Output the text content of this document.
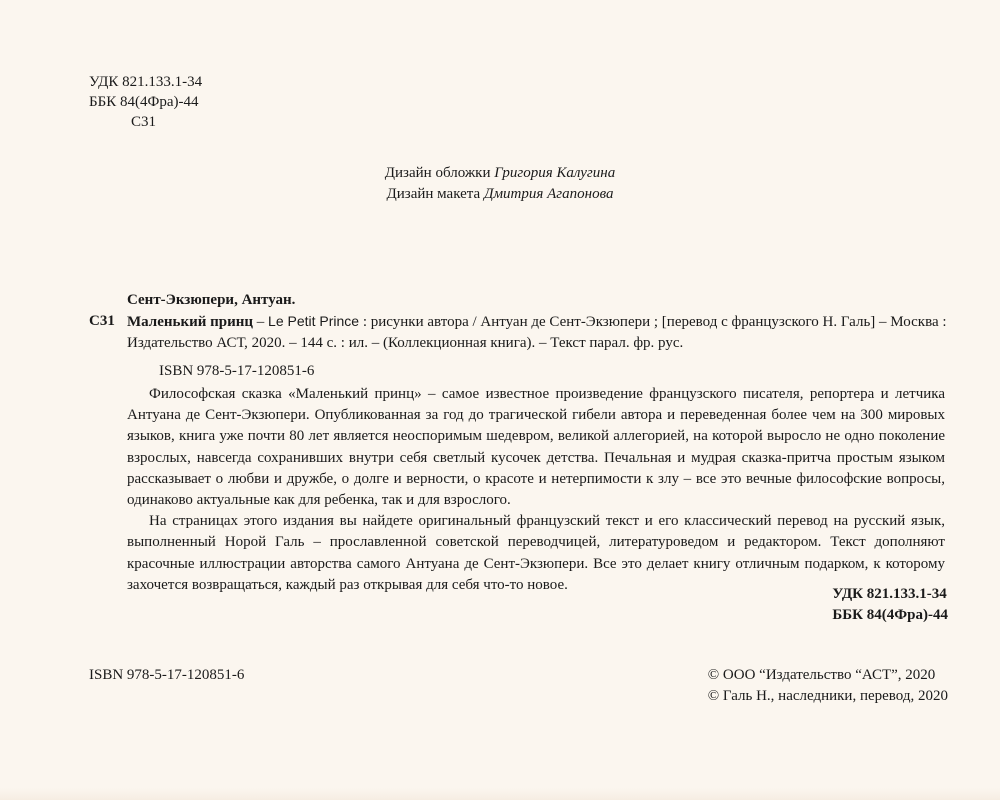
УДК 821.133.1-34
ББК 84(4Фра)-44
С31
Дизайн обложки Григория Калугина
Дизайн макета Дмитрия Агапонова
Сент-Экзюпери, Антуан.
С31 Маленький принц – Le Petit Prince : рисунки автора / Антуан де Сент-Экзюпери ; [перевод с французского Н. Галь] – Москва : Издательство АСТ, 2020. – 144 с. : ил. – (Коллекционная книга). – Текст парал. фр. рус.
ISBN 978-5-17-120851-6

Философская сказка «Маленький принц» – самое известное произведение французского писателя, репортера и летчика Антуана де Сент-Экзюпери. Опубликованная за год до трагической гибели автора и переведенная более чем на 300 мировых языков, книга уже почти 80 лет является неоспоримым шедевром, великой аллегорией, на которой выросло не одно поколение взрослых, навсегда сохранивших внутри себя светлый кусочек детства. Печальная и мудрая сказка-притча простым языком рассказывает о любви и дружбе, о долге и верности, о красоте и нетерпимости к злу – все это вечные философские вопросы, одинаково актуальные как для ребенка, так и для взрослого.

На страницах этого издания вы найдете оригинальный французский текст и его классический перевод на русский язык, выполненный Норой Галь – прославленной советской переводчицей, литературоведом и редактором. Текст дополняют красочные иллюстрации авторства самого Антуана де Сент-Экзюпери. Все это делает книгу отличным подарком, к которому захочется возвращаться, каждый раз открывая для себя что-то новое.

УДК 821.133.1-34
ББК 84(4Фра)-44
ISBN 978-5-17-120851-6	© ООО “Издательство “АСТ”, 2020
© Галь Н., наследники, перевод, 2020
